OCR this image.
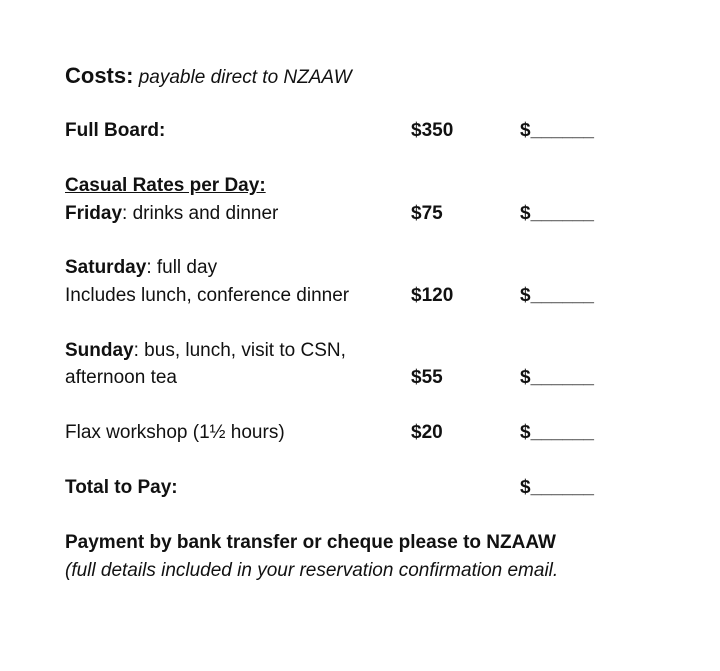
Costs: payable direct to NZAAW
Full Board:	$350	$______
Casual Rates per Day:
Friday: drinks and dinner	$75	$______
Saturday: full day
Includes lunch, conference dinner	$120	$______
Sunday: bus, lunch, visit to CSN,
afternoon tea	$55	$______
Flax workshop (1½ hours)	$20	$______
Total to Pay:	$______
Payment by bank transfer or cheque please to NZAAW
(full details included in your reservation confirmation email.
